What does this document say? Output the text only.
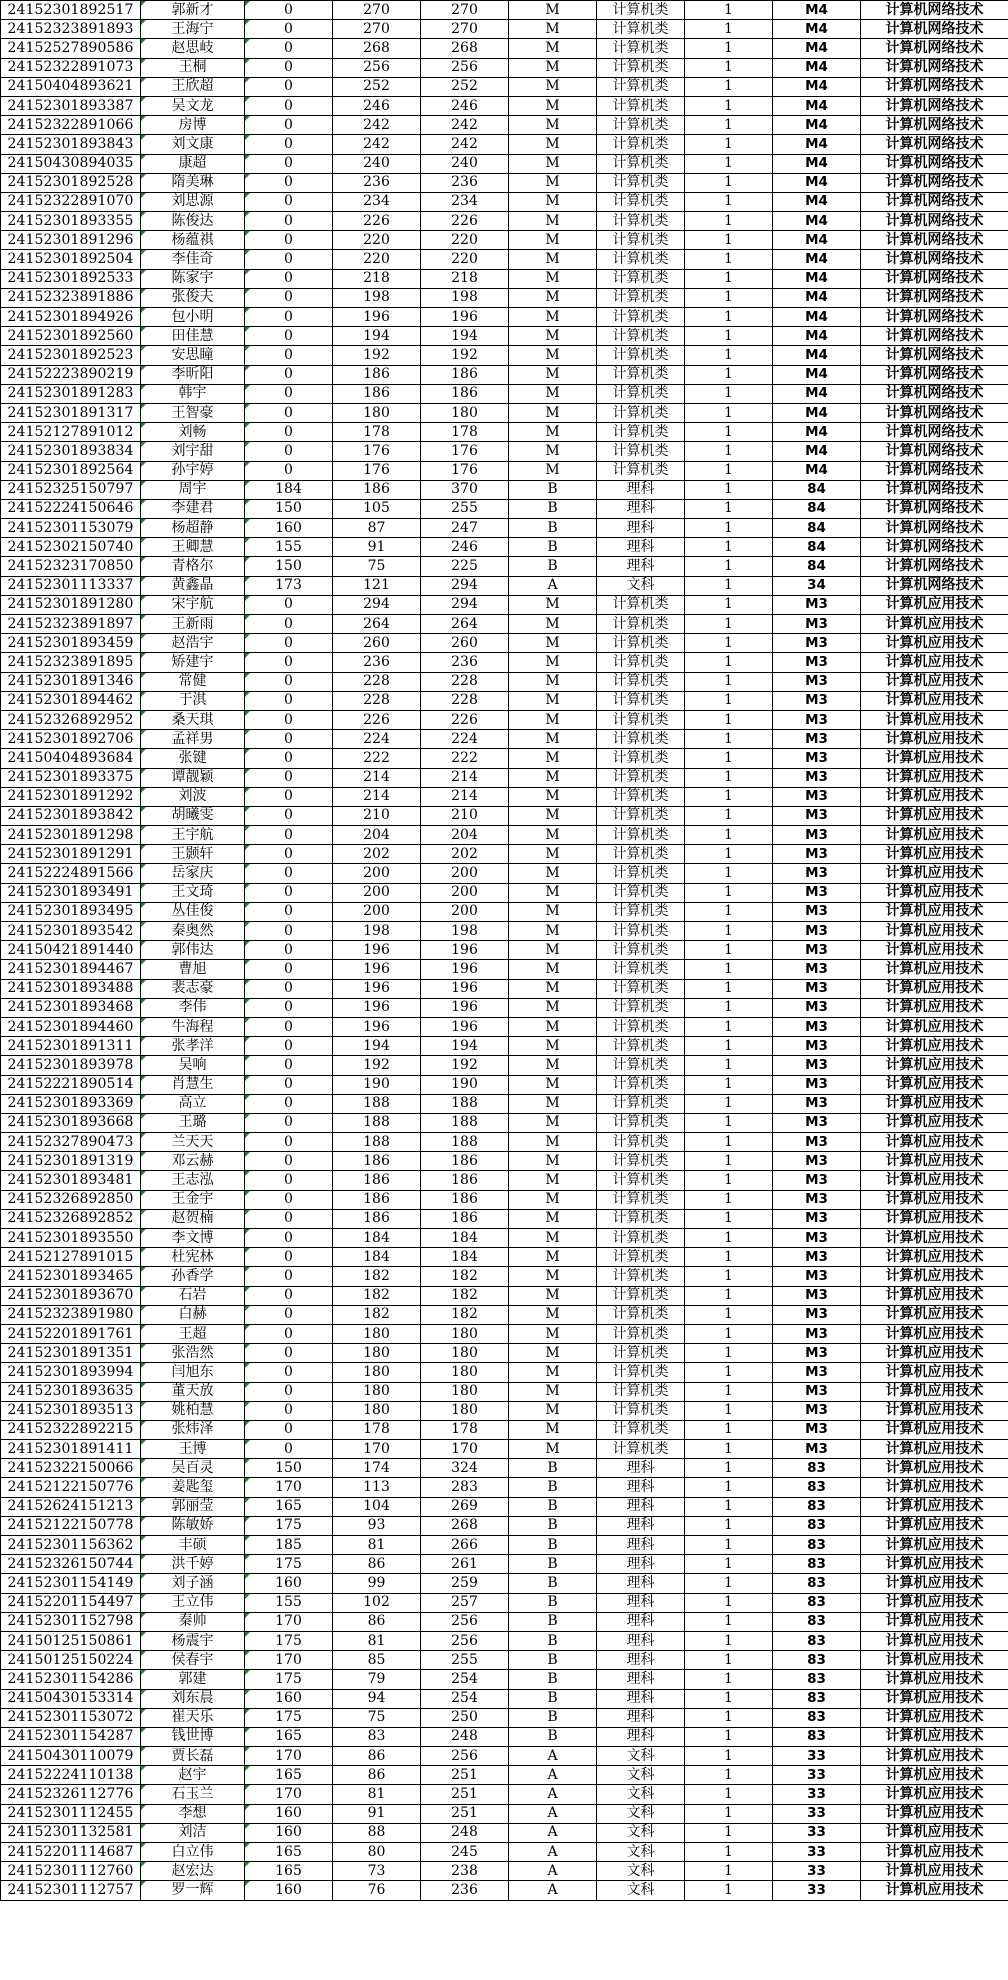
24152301892517	郭新才	0	270	270	M	计算机类	1	M4	计算机网络技术
24152323891893	王海宁	0	270	270	M	计算机类	1	M4	计算机网络技术
24152527890586	赵思岐	0	268	268	M	计算机类	1	M4	计算机网络技术
24152322891073	王桐	0	256	256	M	计算机类	1	M4	计算机网络技术
24150404893621	王欣超	0	252	252	M	计算机类	1	M4	计算机网络技术
24152301893387	吴文龙	0	246	246	M	计算机类	1	M4	计算机网络技术
24152322891066	房博	0	242	242	M	计算机类	1	M4	计算机网络技术
24152301893843	刘文康	0	242	242	M	计算机类	1	M4	计算机网络技术
24150430894035	康超	0	240	240	M	计算机类	1	M4	计算机网络技术
24152301892528	隋美琳	0	236	236	M	计算机类	1	M4	计算机网络技术
24152322891070	刘思源	0	234	234	M	计算机类	1	M4	计算机网络技术
24152301893355	陈俊达	0	226	226	M	计算机类	1	M4	计算机网络技术
24152301891296	杨蕴祺	0	220	220	M	计算机类	1	M4	计算机网络技术
24152301892504	李佳奇	0	220	220	M	计算机类	1	M4	计算机网络技术
24152301892533	陈家宇	0	218	218	M	计算机类	1	M4	计算机网络技术
24152323891886	张俊夫	0	198	198	M	计算机类	1	M4	计算机网络技术
24152301894926	包小明	0	196	196	M	计算机类	1	M4	计算机网络技术
24152301892560	田佳慧	0	194	194	M	计算机类	1	M4	计算机网络技术
24152301892523	安思瞳	0	192	192	M	计算机类	1	M4	计算机网络技术
24152223890219	李昕阳	0	186	186	M	计算机类	1	M4	计算机网络技术
24152301891283	韩宇	0	186	186	M	计算机类	1	M4	计算机网络技术
24152301891317	王智豪	0	180	180	M	计算机类	1	M4	计算机网络技术
24152127891012	刘畅	0	178	178	M	计算机类	1	M4	计算机网络技术
24152301893834	刘宇甜	0	176	176	M	计算机类	1	M4	计算机网络技术
24152301892564	孙宇婷	0	176	176	M	计算机类	1	M4	计算机网络技术
24152325150797	周宇	184	186	370	B	理科	1	84	计算机网络技术
24152224150646	李建君	150	105	255	B	理科	1	84	计算机网络技术
24152301153079	杨超静	160	87	247	B	理科	1	84	计算机网络技术
24152302150740	王卿慧	155	91	246	B	理科	1	84	计算机网络技术
24152323170850	青格尔	150	75	225	B	理科	1	84	计算机网络技术
24152301113337	黄鑫晶	173	121	294	A	文科	1	34	计算机网络技术
24152301891280	宋宇航	0	294	294	M	计算机类	1	M3	计算机应用技术
24152323891897	王新雨	0	264	264	M	计算机类	1	M3	计算机应用技术
24152301893459	赵浩宇	0	260	260	M	计算机类	1	M3	计算机应用技术
24152323891895	矫建宇	0	236	236	M	计算机类	1	M3	计算机应用技术
24152301891346	常健	0	228	228	M	计算机类	1	M3	计算机应用技术
24152301894462	于淇	0	228	228	M	计算机类	1	M3	计算机应用技术
24152326892952	桑天琪	0	226	226	M	计算机类	1	M3	计算机应用技术
24152301892706	孟祥男	0	224	224	M	计算机类	1	M3	计算机应用技术
24150404893684	张键	0	222	222	M	计算机类	1	M3	计算机应用技术
24152301893375	谭靓颖	0	214	214	M	计算机类	1	M3	计算机应用技术
24152301891292	刘波	0	214	214	M	计算机类	1	M3	计算机应用技术
24152301893842	胡曦雯	0	210	210	M	计算机类	1	M3	计算机应用技术
24152301891298	王宇航	0	204	204	M	计算机类	1	M3	计算机应用技术
24152301891291	王颢轩	0	202	202	M	计算机类	1	M3	计算机应用技术
24152224891566	岳家庆	0	200	200	M	计算机类	1	M3	计算机应用技术
24152301893491	王文琦	0	200	200	M	计算机类	1	M3	计算机应用技术
24152301893495	丛佳俊	0	200	200	M	计算机类	1	M3	计算机应用技术
24152301893542	秦奥然	0	198	198	M	计算机类	1	M3	计算机应用技术
24150421891440	郭伟达	0	196	196	M	计算机类	1	M3	计算机应用技术
24152301894467	曹旭	0	196	196	M	计算机类	1	M3	计算机应用技术
24152301893488	裴志豪	0	196	196	M	计算机类	1	M3	计算机应用技术
24152301893468	李伟	0	196	196	M	计算机类	1	M3	计算机应用技术
24152301894460	牛海程	0	196	196	M	计算机类	1	M3	计算机应用技术
24152301891311	张孝洋	0	194	194	M	计算机类	1	M3	计算机应用技术
24152301893978	吴响	0	192	192	M	计算机类	1	M3	计算机应用技术
24152221890514	肖慧生	0	190	190	M	计算机类	1	M3	计算机应用技术
24152301893369	高立	0	188	188	M	计算机类	1	M3	计算机应用技术
24152301893668	王璐	0	188	188	M	计算机类	1	M3	计算机应用技术
24152327890473	兰天天	0	188	188	M	计算机类	1	M3	计算机应用技术
24152301891319	邓云赫	0	186	186	M	计算机类	1	M3	计算机应用技术
24152301893481	王志泓	0	186	186	M	计算机类	1	M3	计算机应用技术
24152326892850	王金宇	0	186	186	M	计算机类	1	M3	计算机应用技术
24152326892852	赵贺楠	0	186	186	M	计算机类	1	M3	计算机应用技术
24152301893550	李文博	0	184	184	M	计算机类	1	M3	计算机应用技术
24152127891015	杜宪林	0	184	184	M	计算机类	1	M3	计算机应用技术
24152301893465	孙香学	0	182	182	M	计算机类	1	M3	计算机应用技术
24152301893670	石岩	0	182	182	M	计算机类	1	M3	计算机应用技术
24152323891980	白赫	0	182	182	M	计算机类	1	M3	计算机应用技术
24152201891761	王超	0	180	180	M	计算机类	1	M3	计算机应用技术
24152301891351	张浩然	0	180	180	M	计算机类	1	M3	计算机应用技术
24152301893994	闫旭东	0	180	180	M	计算机类	1	M3	计算机应用技术
24152301893635	董天放	0	180	180	M	计算机类	1	M3	计算机应用技术
24152301893513	姚柏慧	0	180	180	M	计算机类	1	M3	计算机应用技术
24152322892215	张炜泽	0	178	178	M	计算机类	1	M3	计算机应用技术
24152301891411	王博	0	170	170	M	计算机类	1	M3	计算机应用技术
24152322150066	吴百灵	150	174	324	B	理科	1	83	计算机应用技术
24152122150776	姜匙玺	170	113	283	B	理科	1	83	计算机应用技术
24152624151213	郭丽莹	165	104	269	B	理科	1	83	计算机应用技术
24152122150778	陈敏娇	175	93	268	B	理科	1	83	计算机应用技术
24152301156362	丰硕	185	81	266	B	理科	1	83	计算机应用技术
24152326150744	洪千婷	175	86	261	B	理科	1	83	计算机应用技术
24152301154149	刘子涵	160	99	259	B	理科	1	83	计算机应用技术
24152201154497	王立伟	155	102	257	B	理科	1	83	计算机应用技术
24152301152798	秦帅	170	86	256	B	理科	1	83	计算机应用技术
24150125150861	杨震宇	175	81	256	B	理科	1	83	计算机应用技术
24150125150224	侯春宇	170	85	255	B	理科	1	83	计算机应用技术
24152301154286	郭建	175	79	254	B	理科	1	83	计算机应用技术
24150430153314	刘东晨	160	94	254	B	理科	1	83	计算机应用技术
24152301153072	崔天乐	175	75	250	B	理科	1	83	计算机应用技术
24152301154287	钱世博	165	83	248	B	理科	1	83	计算机应用技术
24150430110079	贾长磊	170	86	256	A	文科	1	33	计算机应用技术
24152224110138	赵宇	165	86	251	A	文科	1	33	计算机应用技术
24152326112776	石玉兰	170	81	251	A	文科	1	33	计算机应用技术
24152301112455	李想	160	91	251	A	文科	1	33	计算机应用技术
24152301132581	刘洁	160	88	248	A	文科	1	33	计算机应用技术
24152201114687	白立伟	165	80	245	A	文科	1	33	计算机应用技术
24152301112760	赵宏达	165	73	238	A	文科	1	33	计算机应用技术
24152301112757	罗一辉	160	76	236	A	文科	1	33	计算机应用技术
